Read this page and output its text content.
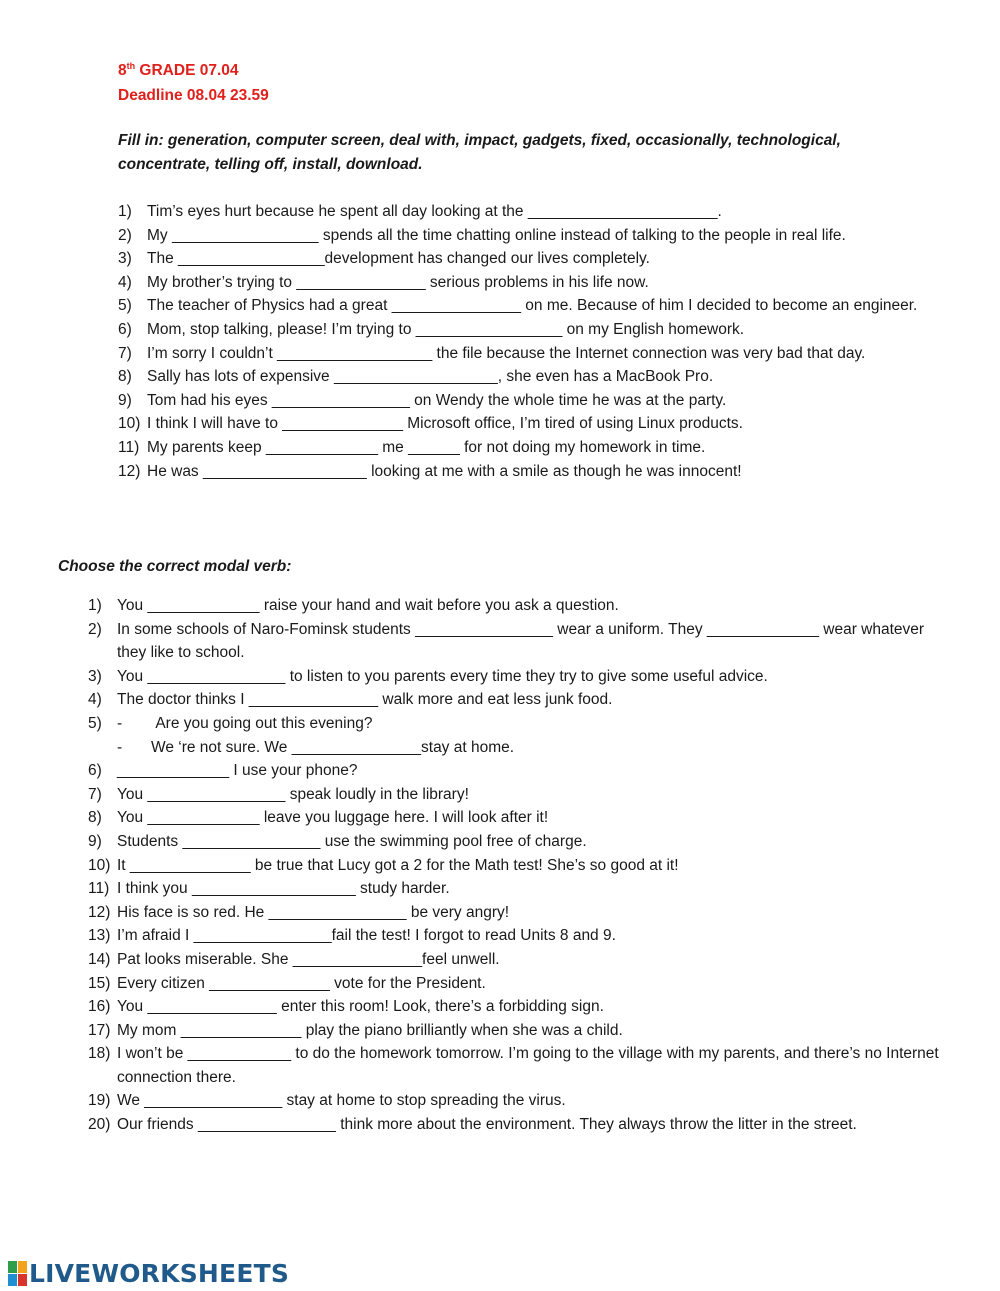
8th GRADE 07.04
Deadline 08.04 23.59
Fill in: generation, computer screen, deal with, impact, gadgets, fixed, occasionally, technological, concentrate, telling off, install, download.
1) Tim’s eyes hurt because he spent all day looking at the ______________________.
2) My _________________ spends all the time chatting online instead of talking to the people in real life.
3) The _________________development has changed our lives completely.
4) My brother’s trying to _______________ serious problems in his life now.
5) The teacher of Physics had a great _______________ on me. Because of him I decided to become an engineer.
6) Mom, stop talking, please! I’m trying to _________________ on my English homework.
7) I’m sorry I couldn’t __________________ the file because the Internet connection was very bad that day.
8) Sally has lots of expensive ___________________, she even has a MacBook Pro.
9) Tom had his eyes ________________ on Wendy the whole time he was at the party.
10) I think I will have to ______________ Microsoft office, I’m tired of using Linux products.
11) My parents keep _____________ me ______ for not doing my homework in time.
12) He was ___________________ looking at me with a smile as though he was innocent!
Choose the correct modal verb:
1) You _____________ raise your hand and wait before you ask a question.
2) In some schools of Naro-Fominsk students ________________ wear a uniform. They _____________ wear whatever they like to school.
3) You ________________ to listen to you parents every time they try to give some useful advice.
4) The doctor thinks I _______________ walk more and eat less junk food.
5) -	Are you going out this evening?
-	We ‘re not sure. We _______________stay at home.
6) _____________ I use your phone?
7) You ________________ speak loudly in the library!
8) You _____________ leave you luggage here. I will look after it!
9) Students ________________ use the swimming pool free of charge.
10) It ______________ be true that Lucy got a 2 for the Math test! She’s so good at it!
11) I think you ___________________ study harder.
12) His face is so red. He ________________ be very angry!
13) I’m afraid I ________________fail the test! I forgot to read Units 8 and 9.
14) Pat looks miserable. She _______________feel unwell.
15) Every citizen ______________ vote for the President.
16) You _______________ enter this room! Look, there’s a forbidding sign.
17) My mom ______________ play the piano brilliantly when she was a child.
18) I won’t be ____________ to do the homework tomorrow. I’m going to the village with my parents, and there’s no Internet connection there.
19) We ________________ stay at home to stop spreading the virus.
20) Our friends ________________ think more about the environment. They always throw the litter in the street.
LIVEWORKSHEETS
